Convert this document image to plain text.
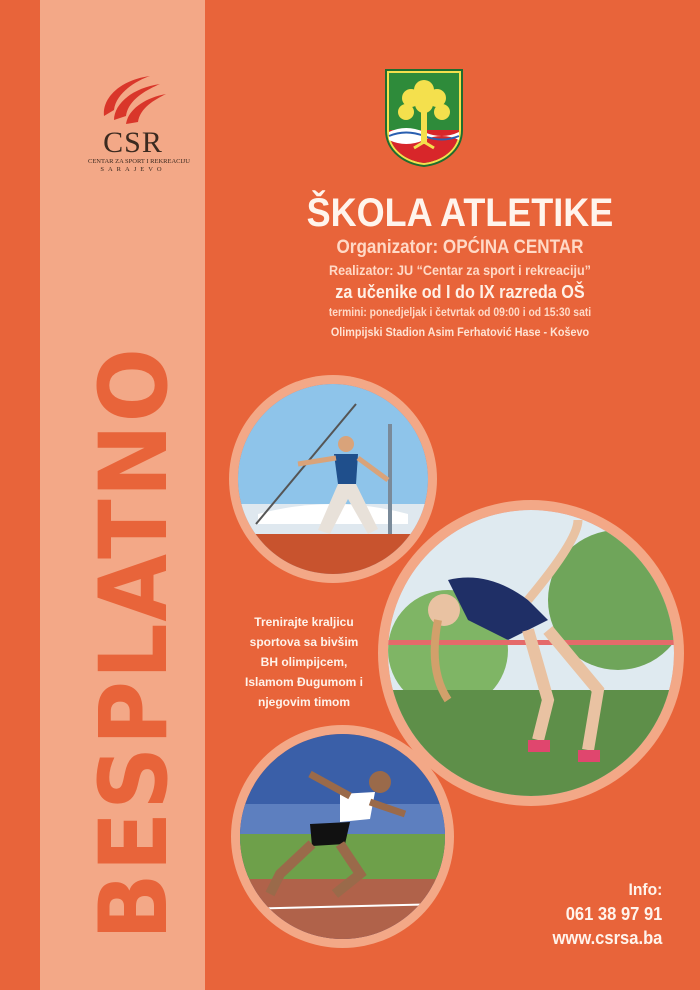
CSR
CENTAR ZA SPORT I REKREACIJU
SARAJEVO
BESPLATNO
ŠKOLA ATLETIKE
Organizator: OPĆINA CENTAR
Realizator: JU “Centar za sport i rekreaciju”
za učenike od I do IX razreda OŠ
termini: ponedjeljak i četvrtak od 09:00 i od 15:30 sati
Olimpijski Stadion Asim Ferhatović Hase - Koševo
Trenirajte kraljicu
sportova sa bivšim
BH olimpijcem,
Islamom Đugumom i
njegovim timom
Info:
061 38 97 91
www.csrsa.ba
